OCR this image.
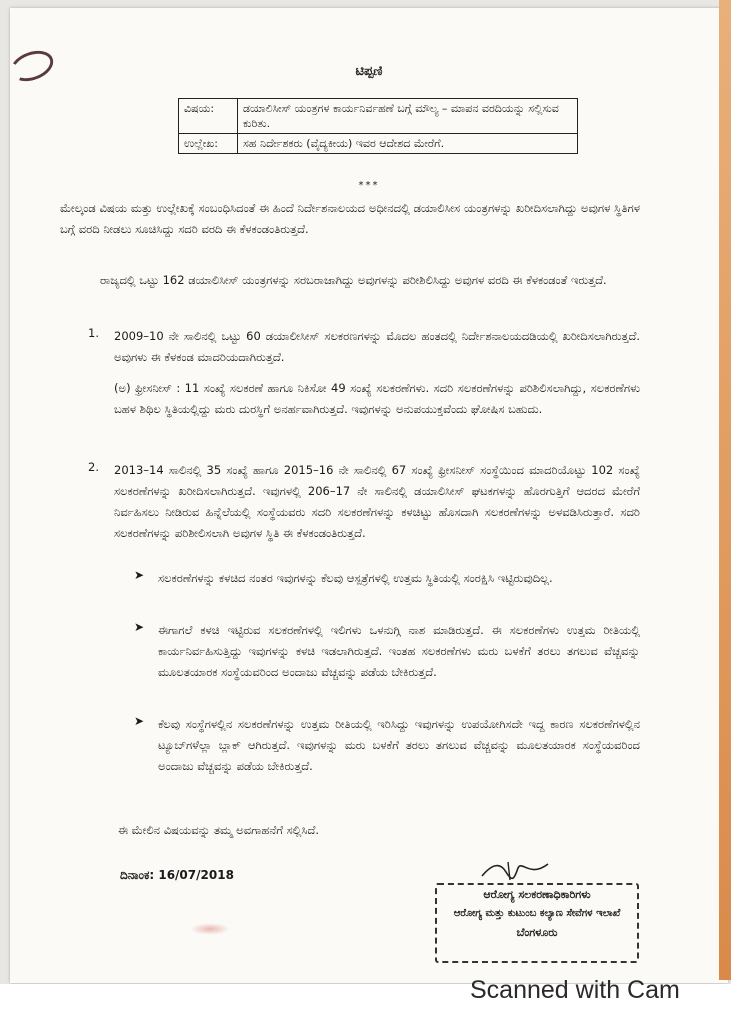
ಟಿಪ್ಪಣಿ
ವಿಷಯ:	ಡಯಾಲಿಸೀಸ್ ಯಂತ್ರಗಳ ಕಾರ್ಯನಿರ್ವಹಣೆ ಬಗ್ಗೆ ಮೌಲ್ಯ – ಮಾಪನ ವರದಿಯನ್ನು ಸಲ್ಲಿಸುವ ಕುರಿತು.
ಉಲ್ಲೇಖ:	ಸಹ ನಿರ್ದೇಶಕರು (ವೈದ್ಯಕೀಯ) ಇವರ ಆದೇಶದ ಮೇರೆಗೆ.
***
ಮೇಲ್ಕಂಡ ವಿಷಯ ಮತ್ತು ಉಲ್ಲೇಖಕ್ಕೆ ಸಂಬಂಧಿಸಿದಂತೆ ಈ ಹಿಂದೆ ನಿರ್ದೇಶನಾಲಯದ ಅಧೀನದಲ್ಲಿ ಡಯಾಲಿಸೀಸ ಯಂತ್ರಗಳನ್ನು ಖರೀದಿಸಲಾಗಿದ್ದು ಅವುಗಳ ಸ್ಥಿತಿಗಳ ಬಗ್ಗೆ ವರದಿ ನೀಡಲು ಸೂಚಿಸಿದ್ದು ಸದರಿ ವರದಿ ಈ ಕೆಳಕಂಡಂತಿರುತ್ತದೆ.
ರಾಜ್ಯದಲ್ಲಿ ಒಟ್ಟು 162 ಡಯಾಲಿಸೀಸ್ ಯಂತ್ರಗಳನ್ನು ಸರಬರಾಜಾಗಿದ್ದು ಅವುಗಳನ್ನು ಪರೀಶಿಲಿಸಿದ್ದು ಅವುಗಳ ವರದಿ ಈ ಕೆಳಕಂಡಂತೆ ಇರುತ್ತದೆ.
1. 2009–10 ನೇ ಸಾಲಿನಲ್ಲಿ ಒಟ್ಟು 60 ಡಯಾಲೀಸೀಸ್ ಸಲಕರಣಗಳನ್ನು ಮೊದಲ ಹಂತದಲ್ಲಿ ನಿರ್ದೇಶನಾಲಯದಡಿಯಲ್ಲಿ ಖರೀದಿಸಲಾಗಿರುತ್ತದೆ. ಅವುಗಳು ಈ ಕೆಳಕಂಡ ಮಾದರಿಯದಾಗಿರುತ್ತದೆ.
(ಅ) ಫ್ರೀಸನೀಸ್ : 11 ಸಂಖ್ಯೆ ಸಲಕರಣೆ ಹಾಗೂ ನಿಕಿಸೋ 49 ಸಂಖ್ಯೆ ಸಲಕರಣೆಗಳು. ಸದರಿ ಸಲಕರಣೆಗಳನ್ನು ಪರಿಶಿಲಿಸಲಾಗಿದ್ದು, ಸಲಕರಣೆಗಳು ಬಹಳ ಶಿಥಿಲ ಸ್ಥಿತಿಯಲ್ಲಿದ್ದು ಮರು ದುರಸ್ಥಿಗೆ ಅನರ್ಹವಾಗಿರುತ್ತದೆ. ಇವುಗಳನ್ನು ಅನುಪಯುಕ್ತವೆಂದು ಘೋಷಿಸ ಬಹುದು.
2. 2013–14 ಸಾಲಿನಲ್ಲಿ 35 ಸಂಖ್ಯೆ ಹಾಗೂ 2015–16 ನೇ ಸಾಲಿನಲ್ಲಿ 67 ಸಂಖ್ಯೆ ಫ್ರೀಸನೀಸ್ ಸಂಸ್ಥೆಯಿಂದ ಮಾದರಿಯೊಟ್ಟು 102 ಸಂಖ್ಯೆ ಸಲಕರಣೆಗಳನ್ನು ಖರೀದಿಸಲಾಗಿರುತ್ತದೆ. ಇವುಗಳಲ್ಲಿ 206–17 ನೇ ಸಾಲಿನಲ್ಲಿ ಡಯಾಲಿಸೀಸ್ ಘಟಕಗಳನ್ನು ಹೊರಗುತ್ತಿಗೆ ಆದರದ ಮೇರೆಗೆ ನಿರ್ವಹಿಸಲು ನೀಡಿರುವ ಹಿನ್ನೆಲೆಯಲ್ಲಿ ಸಂಸ್ಥೆಯವರು ಸದರಿ ಸಲಕರಣೆಗಳನ್ನು ಕಳಚಿಟ್ಟು ಹೊಸದಾಗಿ ಸಲಕರಣೆಗಳನ್ನು ಅಳವಡಿಸಿರುತ್ತಾರೆ. ಸದರಿ ಸಲಕರಣೆಗಳನ್ನು ಪರಿಶೀಲಿಸಲಾಗಿ ಅವುಗಳ ಸ್ಥಿತಿ ಈ ಕೆಳಕಂಡಂತಿರುತ್ತದೆ.
➤ ಸಲಕರಣೆಗಳನ್ನು ಕಳಚಿದ ನಂತರ ಇವುಗಳನ್ನು ಕೆಲವು ಆಸ್ಪತ್ರೆಗಳಲ್ಲಿ ಉತ್ತಮ ಸ್ಥಿತಿಯಲ್ಲಿ ಸಂರಕ್ಷಿಸಿ ಇಟ್ಟಿರುವುದಿಲ್ಲ.
➤ ಈಗಾಗಲೆ ಕಳಚಿ ಇಟ್ಟಿರುವ ಸಲಕರಣೆಗಳಲ್ಲಿ ಇಲಿಗಳು ಒಳನುಗ್ಗಿ ನಾಶ ಮಾಡಿರುತ್ತದೆ. ಈ ಸಲಕರಣೆಗಳು ಉತ್ತಮ ರೀತಿಯಲ್ಲಿ ಕಾರ್ಯನಿರ್ವಹಿಸುತ್ತಿದ್ದು ಇವುಗಳನ್ನು ಕಳಚಿ ಇಡಲಾಗಿರುತ್ತದೆ. ಇಂತಹ ಸಲಕರಣೆಗಳು ಮರು ಬಳಕೆಗೆ ತರಲು ತಗಲುವ ವೆಚ್ಚವನ್ನು ಮೂಲತಯಾರಕ ಸಂಸ್ಥೆಯವರಿಂದ ಅಂದಾಜು ವೆಚ್ಚವನ್ನು ಪಡೆಯ ಬೇಕಿರುತ್ತದೆ.
➤ ಕೆಲವು ಸಂಸ್ಥೆಗಳಲ್ಲಿನ ಸಲಕರಣೆಗಳನ್ನು ಉತ್ತಮ ರೀತಿಯಲ್ಲಿ ಇರಿಸಿದ್ದು ಇವುಗಳನ್ನು ಉಪಯೋಗಿಸದೇ ಇದ್ದ ಕಾರಣ ಸಲಕರಣೆಗಳಲ್ಲಿನ ಟ್ಯೂಬ್‌ಗಳೆಲ್ಲಾ ಬ್ಲಾಕ್ ಆಗಿರುತ್ತದೆ. ಇವುಗಳನ್ನು ಮರು ಬಳಕೆಗೆ ತರಲು ತಗಲುವ ವೆಚ್ಚವನ್ನು ಮೂಲತಯಾರಕ ಸಂಸ್ಥೆಯವರಿಂದ ಅಂದಾಜು ವೆಚ್ಚವನ್ನು ಪಡೆಯ ಬೇಕಿರುತ್ತದೆ.
ಈ ಮೇಲಿನ ವಿಷಯವನ್ನು ತಮ್ಮ ಅವಗಾಹನೆಗೆ ಸಲ್ಲಿಸಿದೆ.
ದಿನಾಂಕ: 16/07/2018
ಆರೋಗ್ಯ ಸಲಕರಣಾಧಿಕಾರಿಗಳು
ಆರೋಗ್ಯ ಮತ್ತು ಕುಟುಂಬ ಕಲ್ಯಾಣ ಸೇವೆಗಳ ಇಲಾಖೆ
ಬೆಂಗಳೂರು
Scanned with Cam
